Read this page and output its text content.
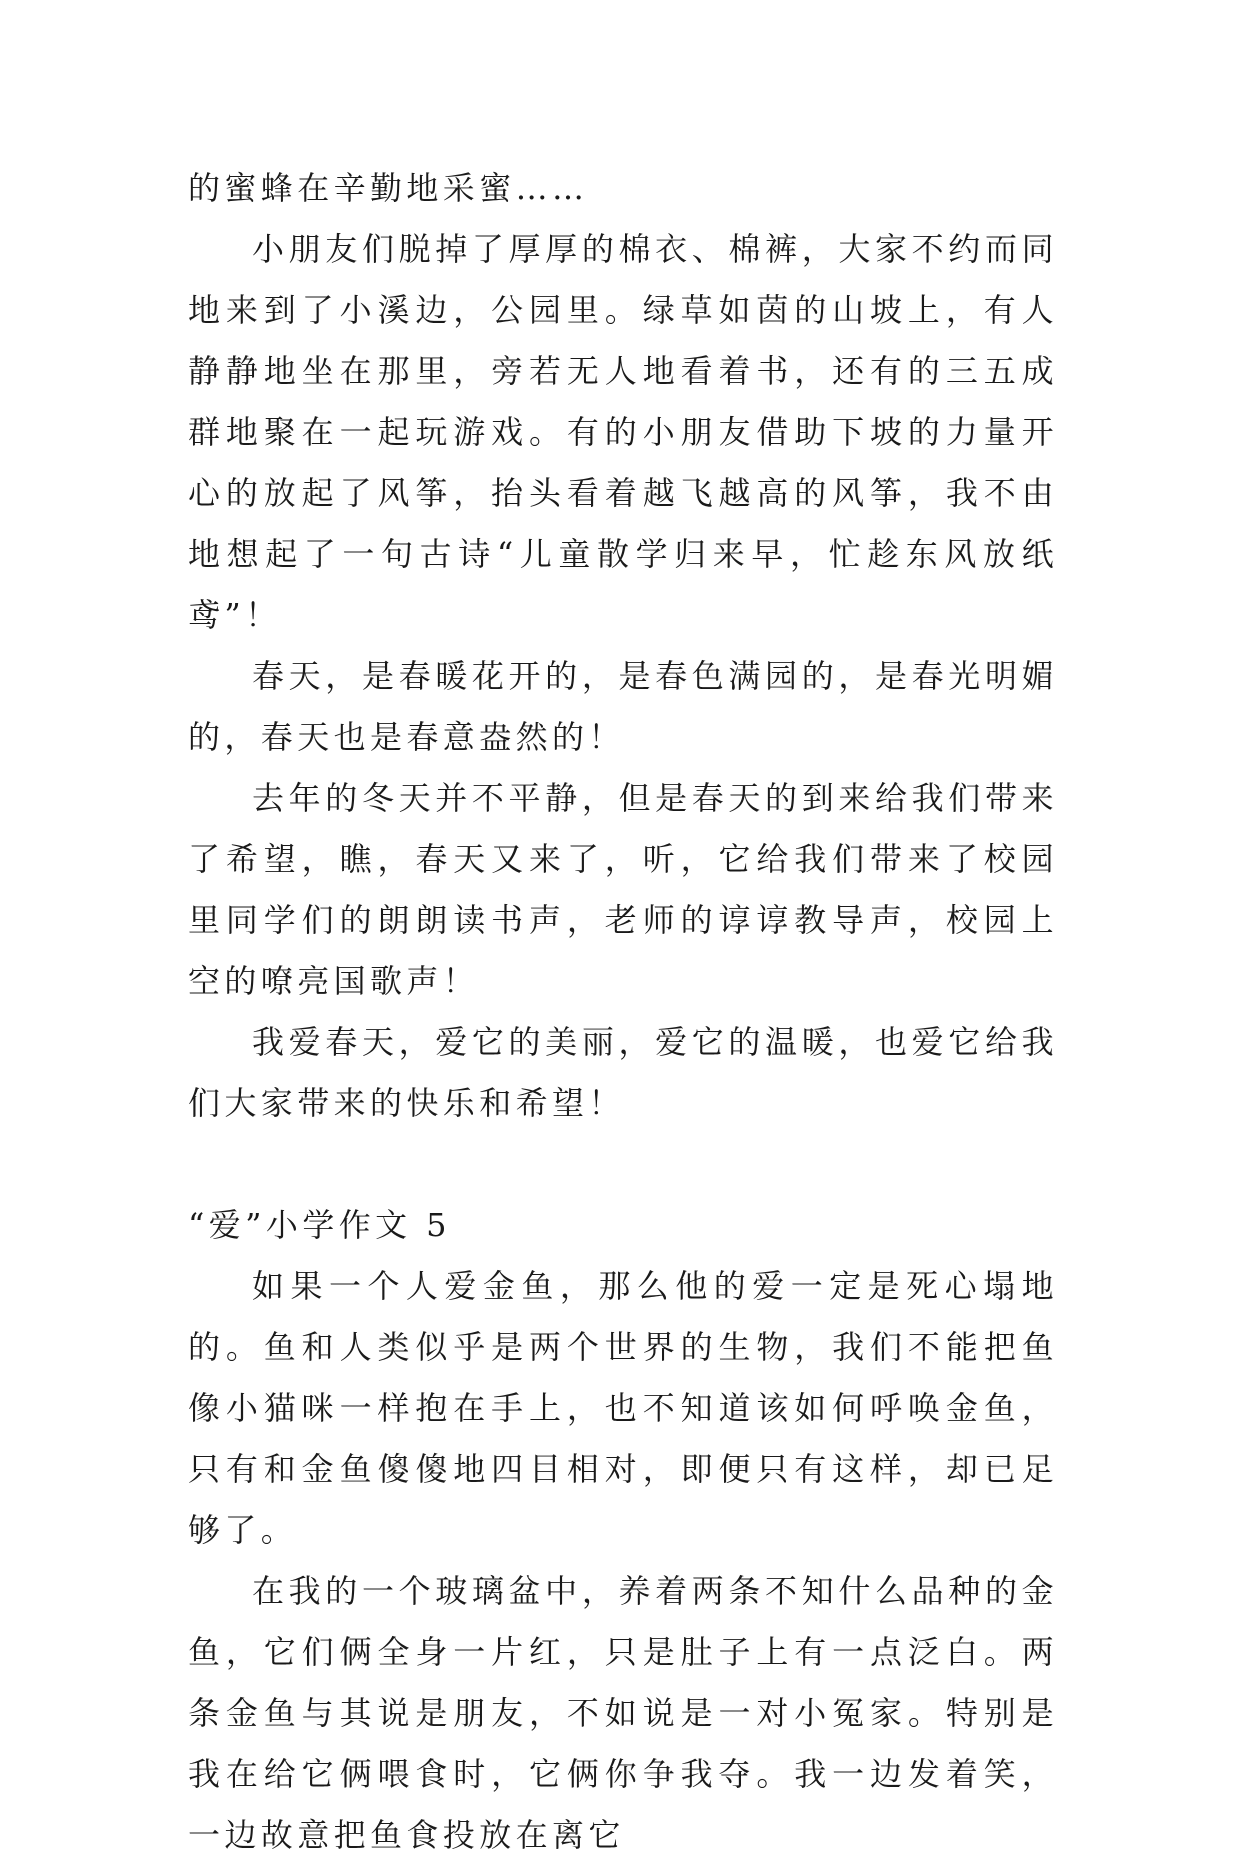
的蜜蜂在辛勤地采蜜……

小朋友们脱掉了厚厚的棉衣、棉裤，大家不约而同地来到了小溪边，公园里。绿草如茵的山坡上，有人静静地坐在那里，旁若无人地看着书，还有的三五成群地聚在一起玩游戏。有的小朋友借助下坡的力量开心的放起了风筝，抬头看着越飞越高的风筝，我不由地想起了一句古诗“儿童散学归来早，忙趁东风放纸鸢”！

春天，是春暖花开的，是春色满园的，是春光明媚的，春天也是春意盎然的！

去年的冬天并不平静，但是春天的到来给我们带来了希望，瞧，春天又来了，听，它给我们带来了校园里同学们的朗朗读书声，老师的谆谆教导声，校园上空的嘹亮国歌声！

我爱春天，爱它的美丽，爱它的温暖，也爱它给我们大家带来的快乐和希望！

“爱”小学作文 5

如果一个人爱金鱼，那么他的爱一定是死心塌地的。鱼和人类似乎是两个世界的生物，我们不能把鱼像小猫咪一样抱在手上，也不知道该如何呼唤金鱼，只有和金鱼傻傻地四目相对，即便只有这样，却已足够了。

在我的一个玻璃盆中，养着两条不知什么品种的金鱼，它们俩全身一片红，只是肚子上有一点泛白。两条金鱼与其说是朋友，不如说是一对小冤家。特别是我在给它俩喂食时，它俩你争我夺。我一边发着笑，一边故意把鱼食投放在离它
